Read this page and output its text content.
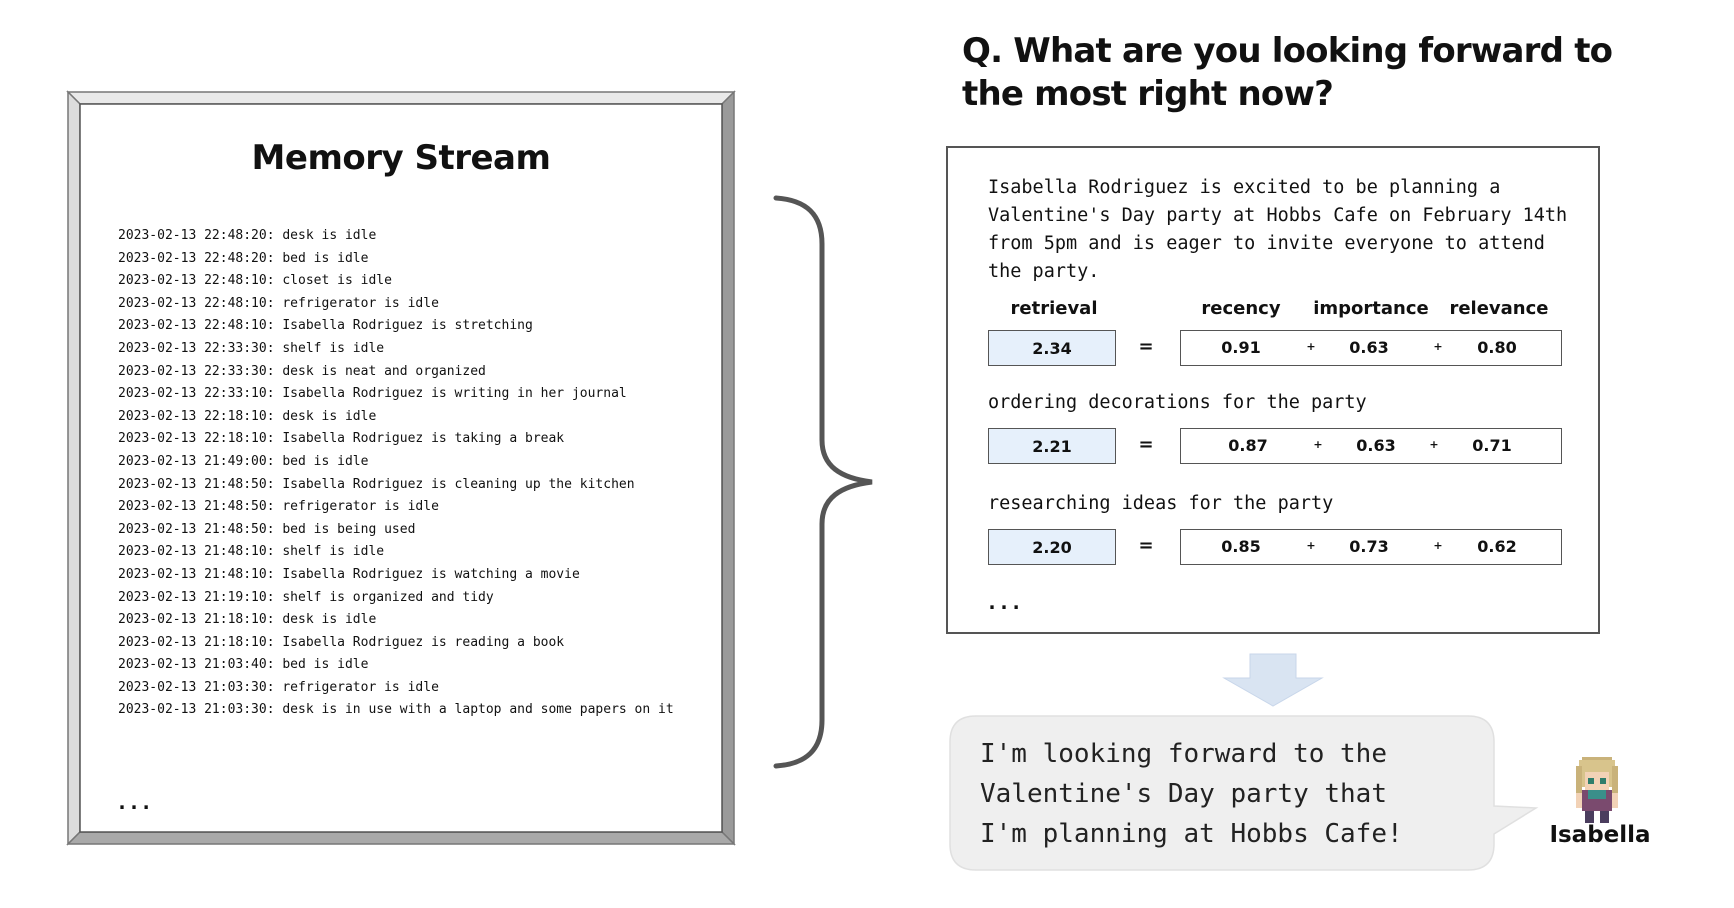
Memory Stream
2023-02-13 22:48:20: desk is idle
2023-02-13 22:48:20: bed is idle
2023-02-13 22:48:10: closet is idle
2023-02-13 22:48:10: refrigerator is idle
2023-02-13 22:48:10: Isabella Rodriguez is stretching
2023-02-13 22:33:30: shelf is idle
2023-02-13 22:33:30: desk is neat and organized
2023-02-13 22:33:10: Isabella Rodriguez is writing in her journal
2023-02-13 22:18:10: desk is idle
2023-02-13 22:18:10: Isabella Rodriguez is taking a break
2023-02-13 21:49:00: bed is idle
2023-02-13 21:48:50: Isabella Rodriguez is cleaning up the kitchen
2023-02-13 21:48:50: refrigerator is idle
2023-02-13 21:48:50: bed is being used
2023-02-13 21:48:10: shelf is idle
2023-02-13 21:48:10: Isabella Rodriguez is watching a movie
2023-02-13 21:19:10: shelf is organized and tidy
2023-02-13 21:18:10: desk is idle
2023-02-13 21:18:10: Isabella Rodriguez is reading a book
2023-02-13 21:03:40: bed is idle
2023-02-13 21:03:30: refrigerator is idle
2023-02-13 21:03:30: desk is in use with a laptop and some papers on it
...
Q. What are you looking forward to the most right now?

Isabella Rodriguez is excited to be planning a Valentine's Day party at Hobbs Cafe on February 14th from 5pm and is eager to invite everyone to attend the party.

retrieval	recency	importance	relevance
2.34	=	0.91	+	0.63	+	0.80

ordering decorations for the party

2.21	=	0.87	+	0.63	+	0.71

researching ideas for the party

2.20	=	0.85	+	0.73	+	0.62
...

I'm looking forward to the
Valentine's Day party that
I'm planning at Hobbs Cafe!	Isabella
